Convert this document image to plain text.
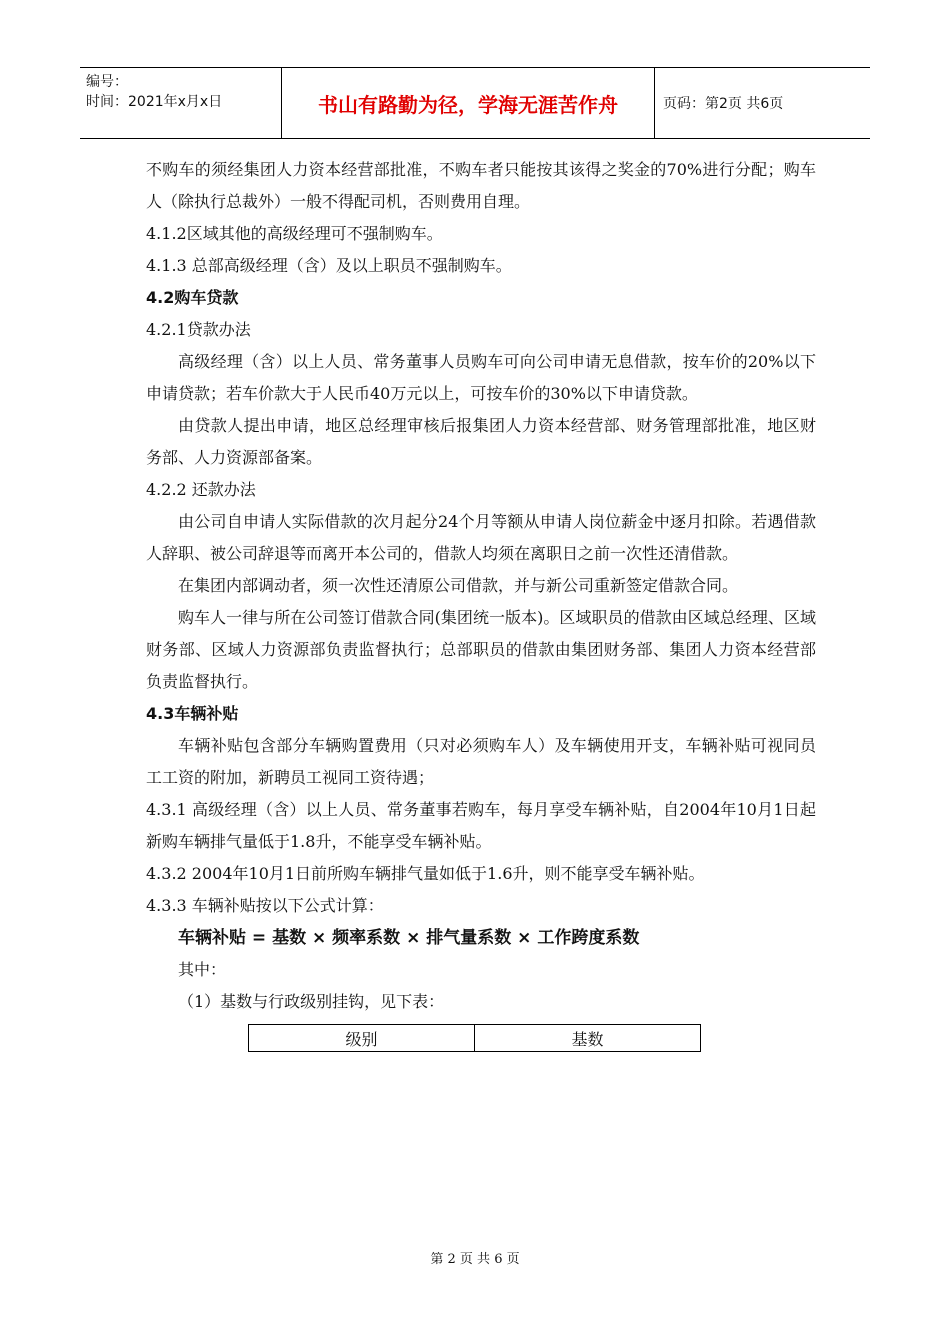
编号：
时间：2021年x月x日	书山有路勤为径，学海无涯苦作舟	页码：第2页 共6页

不购车的须经集团人力资本经营部批准，不购车者只能按其该得之奖金的70%进行分配；购车人（除执行总裁外）一般不得配司机，否则费用自理。

4.1.2区域其他的高级经理可不强制购车。

4.1.3 总部高级经理（含）及以上职员不强制购车。

4.2购车贷款

4.2.1贷款办法

高级经理（含）以上人员、常务董事人员购车可向公司申请无息借款，按车价的20%以下申请贷款；若车价款大于人民币40万元以上，可按车价的30%以下申请贷款。

由贷款人提出申请，地区总经理审核后报集团人力资本经营部、财务管理部批准，地区财务部、人力资源部备案。

4.2.2 还款办法

由公司自申请人实际借款的次月起分24个月等额从申请人岗位薪金中逐月扣除。若遇借款人辞职、被公司辞退等而离开本公司的，借款人均须在离职日之前一次性还清借款。

在集团内部调动者，须一次性还清原公司借款，并与新公司重新签定借款合同。

购车人一律与所在公司签订借款合同(集团统一版本)。区域职员的借款由区域总经理、区域财务部、区域人力资源部负责监督执行；总部职员的借款由集团财务部、集团人力资本经营部负责监督执行。

4.3车辆补贴

车辆补贴包含部分车辆购置费用（只对必须购车人）及车辆使用开支，车辆补贴可视同员工工资的附加，新聘员工视同工资待遇；

4.3.1 高级经理（含）以上人员、常务董事若购车，每月享受车辆补贴，自2004年10月1日起新购车辆排气量低于1.8升，不能享受车辆补贴。

4.3.2 2004年10月1日前所购车辆排气量如低于1.6升，则不能享受车辆补贴。

4.3.3 车辆补贴按以下公式计算：

车辆补贴 = 基数 × 频率系数 × 排气量系数 × 工作跨度系数

其中：

（1）基数与行政级别挂钩，见下表：

级别	基数
第 2 页 共 6 页
